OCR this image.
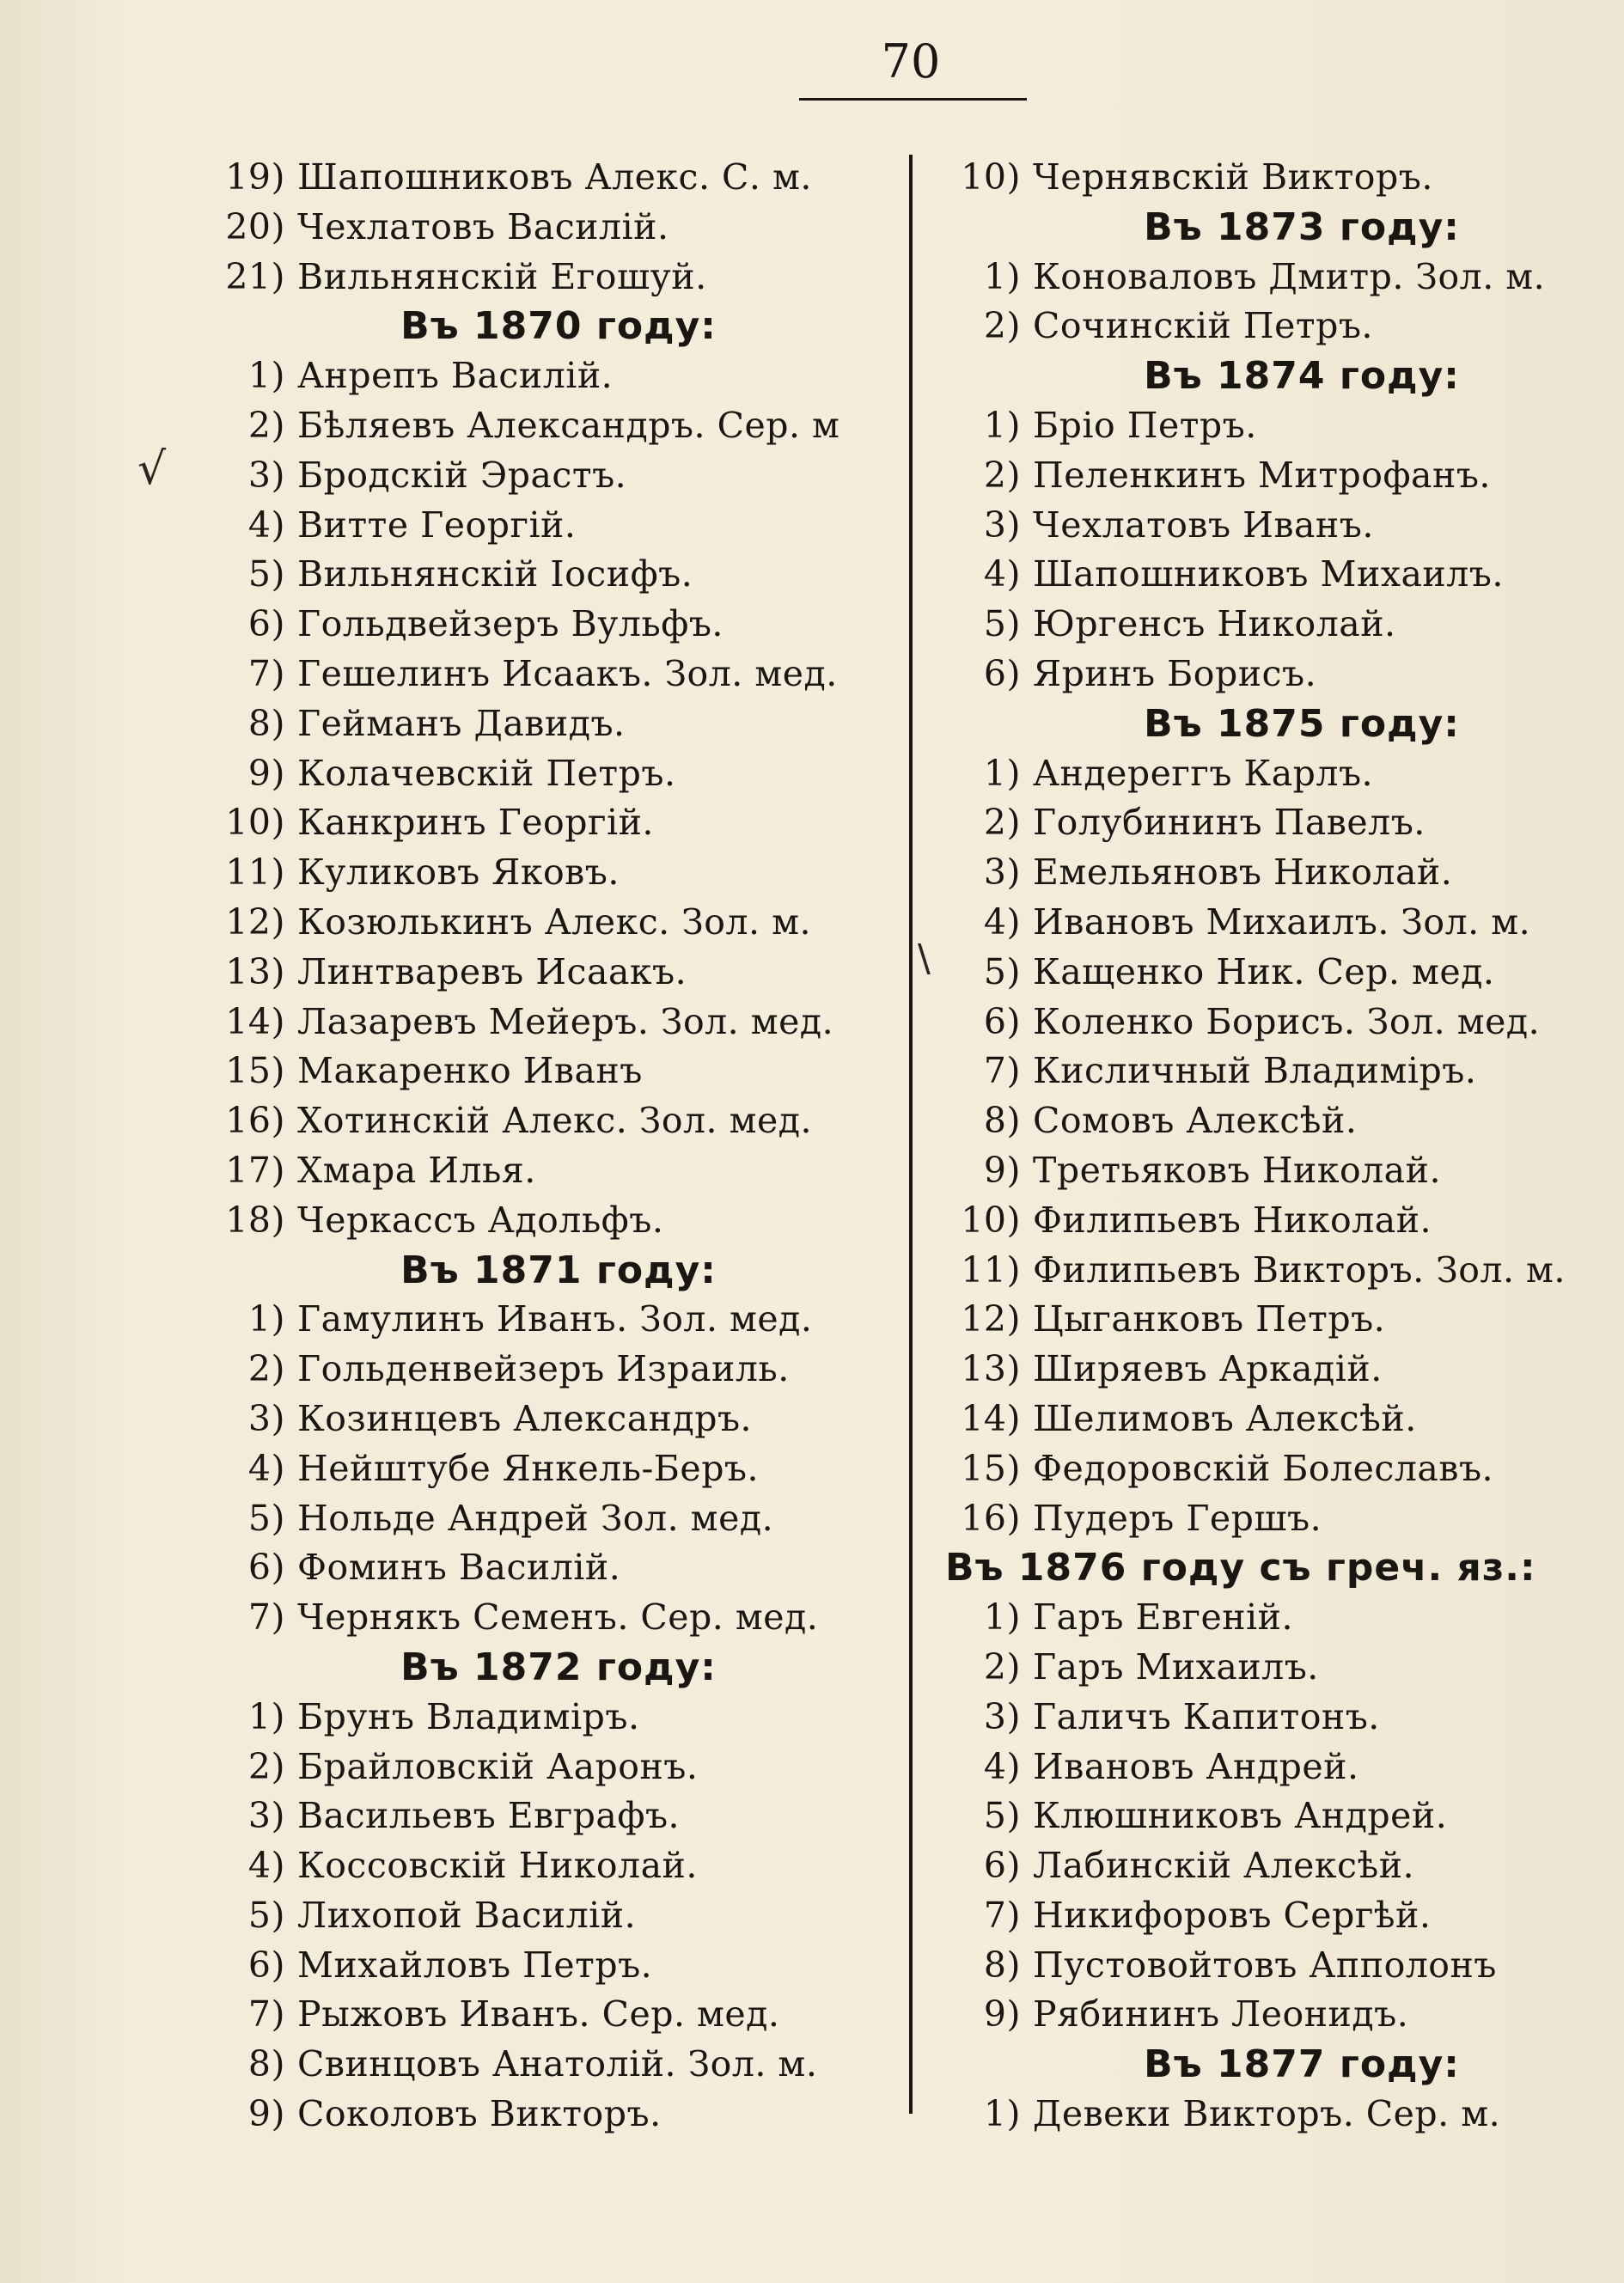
70
19) Шапошниковъ Алекс. С. м.
20) Чехлатовъ Василій.
21) Вильнянскій Егошуй.
Въ 1870 году:
1) Анрепъ Василій.
2) Бѣляевъ Александръ. Сер. м
3) Бродскій Эрастъ.
4) Витте Георгій.
5) Вильнянскій Іосифъ.
6) Гольдвейзеръ Вульфъ.
7) Гешелинъ Исаакъ. Зол. мед.
8) Гейманъ Давидъ.
9) Колачевскій Петръ.
10) Канкринъ Георгій.
11) Куликовъ Яковъ.
12) Козюлькинъ Алекс. Зол. м.
13) Линтваревъ Исаакъ.
14) Лазаревъ Мейеръ. Зол. мед.
15) Макаренко Иванъ
16) Хотинскій Алекс. Зол. мед.
17) Хмара Илья.
18) Черкассъ Адольфъ.
Въ 1871 году:
1) Гамулинъ Иванъ. Зол. мед.
2) Гольденвейзеръ Израиль.
3) Козинцевъ Александръ.
4) Нейштубе Янкель-Беръ.
5) Нольде Андрей Зол. мед.
6) Фоминъ Василій.
7) Чернякъ Семенъ. Сер. мед.
Въ 1872 году:
1) Брунъ Владиміръ.
2) Брайловскій Ааронъ.
3) Васильевъ Евграфъ.
4) Коссовскій Николай.
5) Лихопой Василій.
6) Михайловъ Петръ.
7) Рыжовъ Иванъ. Сер. мед.
8) Свинцовъ Анатолій. Зол. м.
9) Соколовъ Викторъ.
10) Чернявскій Викторъ.
Въ 1873 году:
1) Коноваловъ Дмитр. Зол. м.
2) Сочинскій Петръ.
Въ 1874 году:
1) Бріо Петръ.
2) Пеленкинъ Митрофанъ.
3) Чехлатовъ Иванъ.
4) Шапошниковъ Михаилъ.
5) Юргенсъ Николай.
6) Яринъ Борисъ.
Въ 1875 году:
1) Андереггъ Карлъ.
2) Голубининъ Павелъ.
3) Емельяновъ Николай.
4) Ивановъ Михаилъ. Зол. м.
5) Кащенко Ник. Сер. мед.
6) Коленко Борисъ. Зол. мед.
7) Кисличный Владиміръ.
8) Сомовъ Алексѣй.
9) Третьяковъ Николай.
10) Филипьевъ Николай.
11) Филипьевъ Викторъ. Зол. м.
12) Цыганковъ Петръ.
13) Ширяевъ Аркадій.
14) Шелимовъ Алексѣй.
15) Федоровскій Болеславъ.
16) Пудеръ Гершъ.
Въ 1876 году съ греч. яз.:
1) Гаръ Евгеній.
2) Гаръ Михаилъ.
3) Галичъ Капитонъ.
4) Ивановъ Андрей.
5) Клюшниковъ Андрей.
6) Лабинскій Алексѣй.
7) Никифоровъ Сергѣй.
8) Пустовойтовъ Апполонъ
9) Рябининъ Леонидъ.
Въ 1877 году:
1) Девеки Викторъ. Сер. м.
√
\
